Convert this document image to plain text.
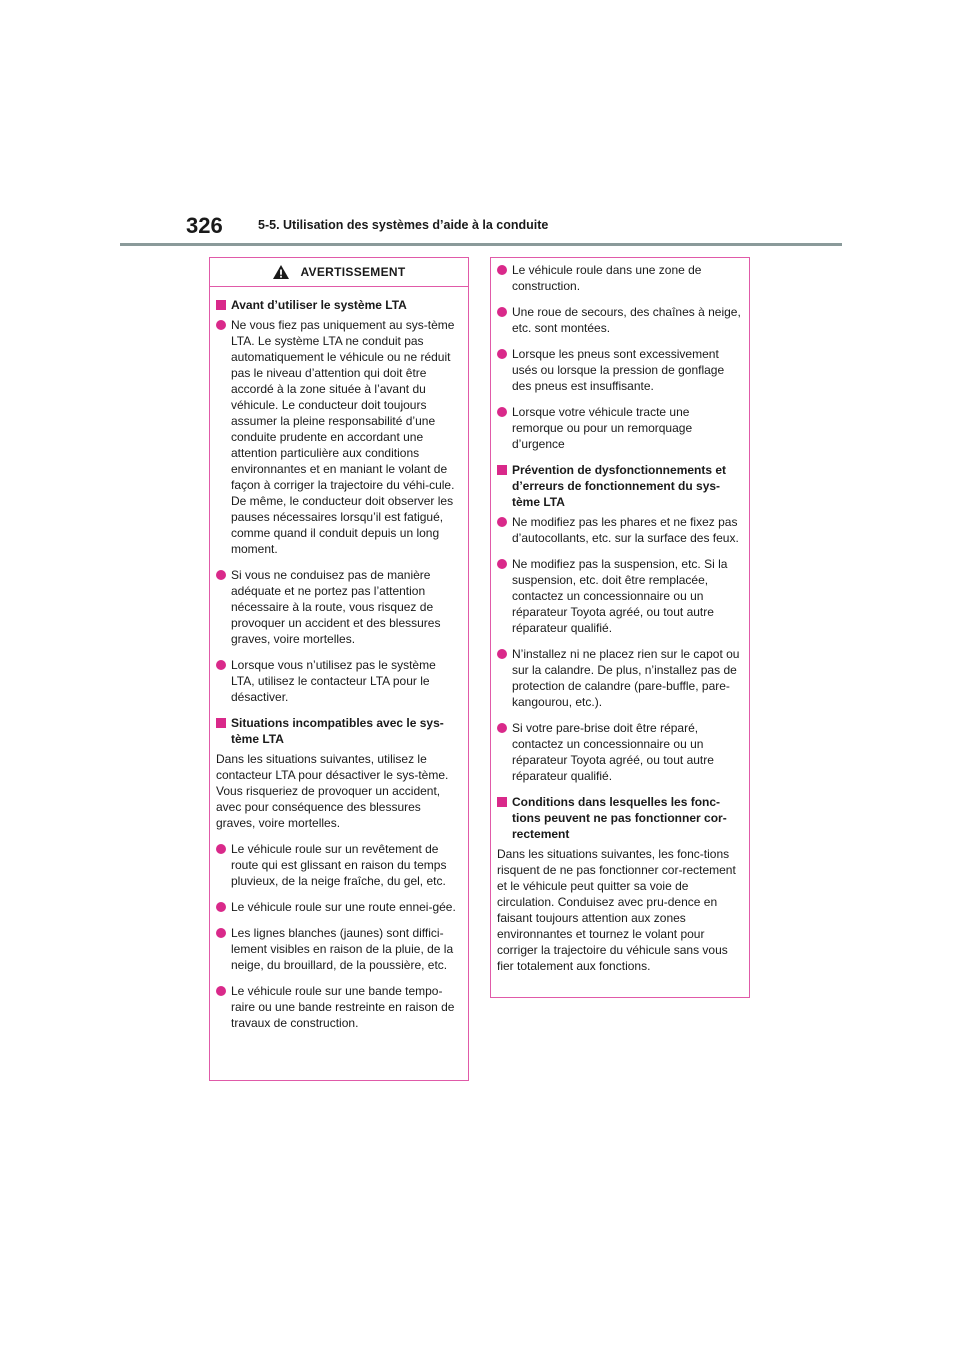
326	5-5. Utilisation des systèmes d’aide à la conduite
AVERTISSEMENT
Avant d’utiliser le système LTA
Ne vous fiez pas uniquement au sys-tème LTA. Le système LTA ne conduit pas automatiquement le véhicule ou ne réduit pas le niveau d’attention qui doit être accordé à la zone située à l’avant du véhicule. Le conducteur doit toujours assumer la pleine responsabilité d’une conduite prudente en accordant une attention particulière aux conditions environnantes et en maniant le volant de façon à corriger la trajectoire du véhi-cule. De même, le conducteur doit observer les pauses nécessaires lorsqu’il est fatigué, comme quand il conduit depuis un long moment.
Si vous ne conduisez pas de manière adéquate et ne portez pas l’attention nécessaire à la route, vous risquez de provoquer un accident et des blessures graves, voire mortelles.
Lorsque vous n’utilisez pas le système LTA, utilisez le contacteur LTA pour le désactiver.
Situations incompatibles avec le sys-tème LTA
Dans les situations suivantes, utilisez le contacteur LTA pour désactiver le sys-tème. Vous risqueriez de provoquer un accident, avec pour conséquence des blessures graves, voire mortelles.
Le véhicule roule sur un revêtement de route qui est glissant en raison du temps pluvieux, de la neige fraîche, du gel, etc.
Le véhicule roule sur une route ennei-gée.
Les lignes blanches (jaunes) sont diffici-lement visibles en raison de la pluie, de la neige, du brouillard, de la poussière, etc.
Le véhicule roule sur une bande tempo-raire ou une bande restreinte en raison de travaux de construction.
Le véhicule roule dans une zone de construction.
Une roue de secours, des chaînes à neige, etc. sont montées.
Lorsque les pneus sont excessivement usés ou lorsque la pression de gonflage des pneus est insuffisante.
Lorsque votre véhicule tracte une remorque ou pour un remorquage d’urgence
Prévention de dysfonctionnements et d’erreurs de fonctionnement du sys-tème LTA
Ne modifiez pas les phares et ne fixez pas d’autocollants, etc. sur la surface des feux.
Ne modifiez pas la suspension, etc. Si la suspension, etc. doit être remplacée, contactez un concessionnaire ou un réparateur Toyota agréé, ou tout autre réparateur qualifié.
N’installez ni ne placez rien sur le capot ou sur la calandre. De plus, n’installez pas de protection de calandre (pare-buffle, pare-kangourou, etc.).
Si votre pare-brise doit être réparé, contactez un concessionnaire ou un réparateur Toyota agréé, ou tout autre réparateur qualifié.
Conditions dans lesquelles les fonc-tions peuvent ne pas fonctionner cor-rectement
Dans les situations suivantes, les fonc-tions risquent de ne pas fonctionner cor-rectement et le véhicule peut quitter sa voie de circulation. Conduisez avec pru-dence en faisant toujours attention aux zones environnantes et tournez le volant pour corriger la trajectoire du véhicule sans vous fier totalement aux fonctions.
